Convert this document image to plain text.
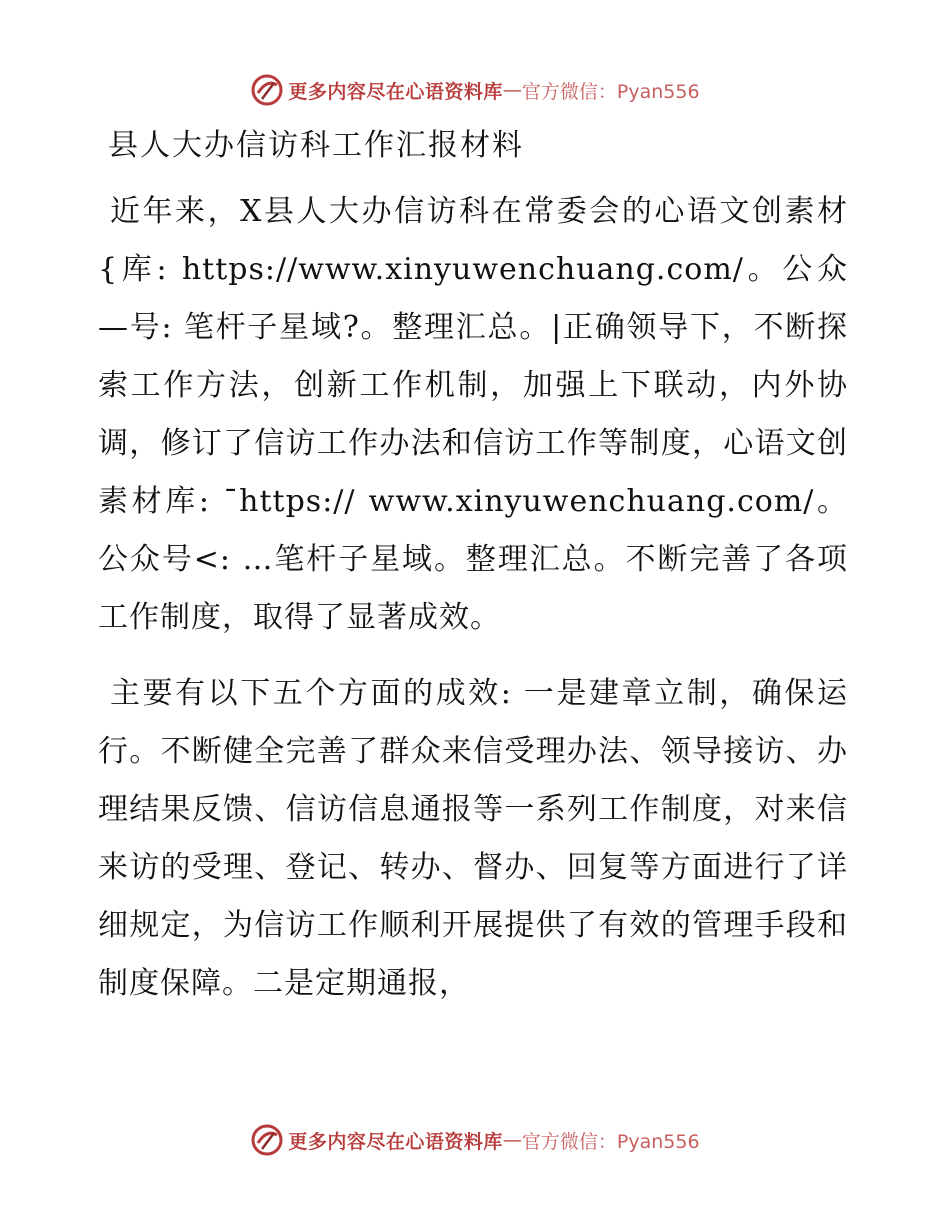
更多内容尽在心语资料库 — 官方微信：Pyan556
县人大办信访科工作汇报材料

近年来，X县人大办信访科在常委会的心语文创素材{库: https://www.xinyuwenchuang.com/。公众—号: 笔杆子星域?。整理汇总。|正确领导下，不断探索工作方法，创新工作机制，加强上下联动，内外协调，修订了信访工作办法和信访工作等制度，心语文创素材库: ¯https:// www.xinyuwenchuang.com/。公众号<: …笔杆子星域。整理汇总。不断完善了各项工作制度，取得了显著成效。

主要有以下五个方面的成效: 一是建章立制，确保运行。不断健全完善了群众来信受理办法、领导接访、办理结果反馈、信访信息通报等一系列工作制度，对来信来访的受理、登记、转办、督办、回复等方面进行了详细规定，为信访工作顺利开展提供了有效的管理手段和制度保障。二是定期通报，

更多内容尽在心语资料库 — 官方微信：Pyan556
